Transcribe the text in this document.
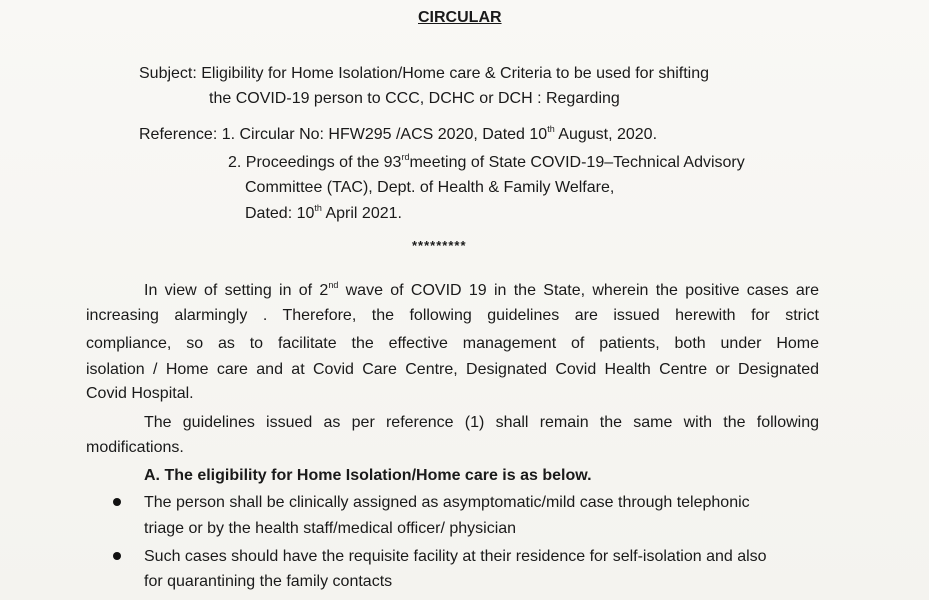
CIRCULAR
Subject: Eligibility for Home Isolation/Home care & Criteria to be used for shifting
the COVID-19 person to CCC, DCHC or DCH : Regarding
Reference: 1. Circular No: HFW295 /ACS 2020, Dated 10th August, 2020.
2. Proceedings of the 93rdmeeting of State COVID-19–Technical Advisory
Committee (TAC), Dept. of Health & Family Welfare,
Dated: 10th April 2021.
*********
In view of setting in of 2nd wave of COVID 19 in the State, wherein the positive cases are
increasing alarmingly . Therefore, the following guidelines are issued herewith for strict
compliance, so as to facilitate the effective management of patients, both under Home
isolation / Home care and at Covid Care Centre, Designated Covid Health Centre or Designated
Covid Hospital.
The guidelines issued as per reference (1) shall remain the same with the following
modifications.
A. The eligibility for Home Isolation/Home care is as below.
The person shall be clinically assigned as asymptomatic/mild case through telephonic
triage or by the health staff/medical officer/ physician
Such cases should have the requisite facility at their residence for self-isolation and also
for quarantining the family contacts
